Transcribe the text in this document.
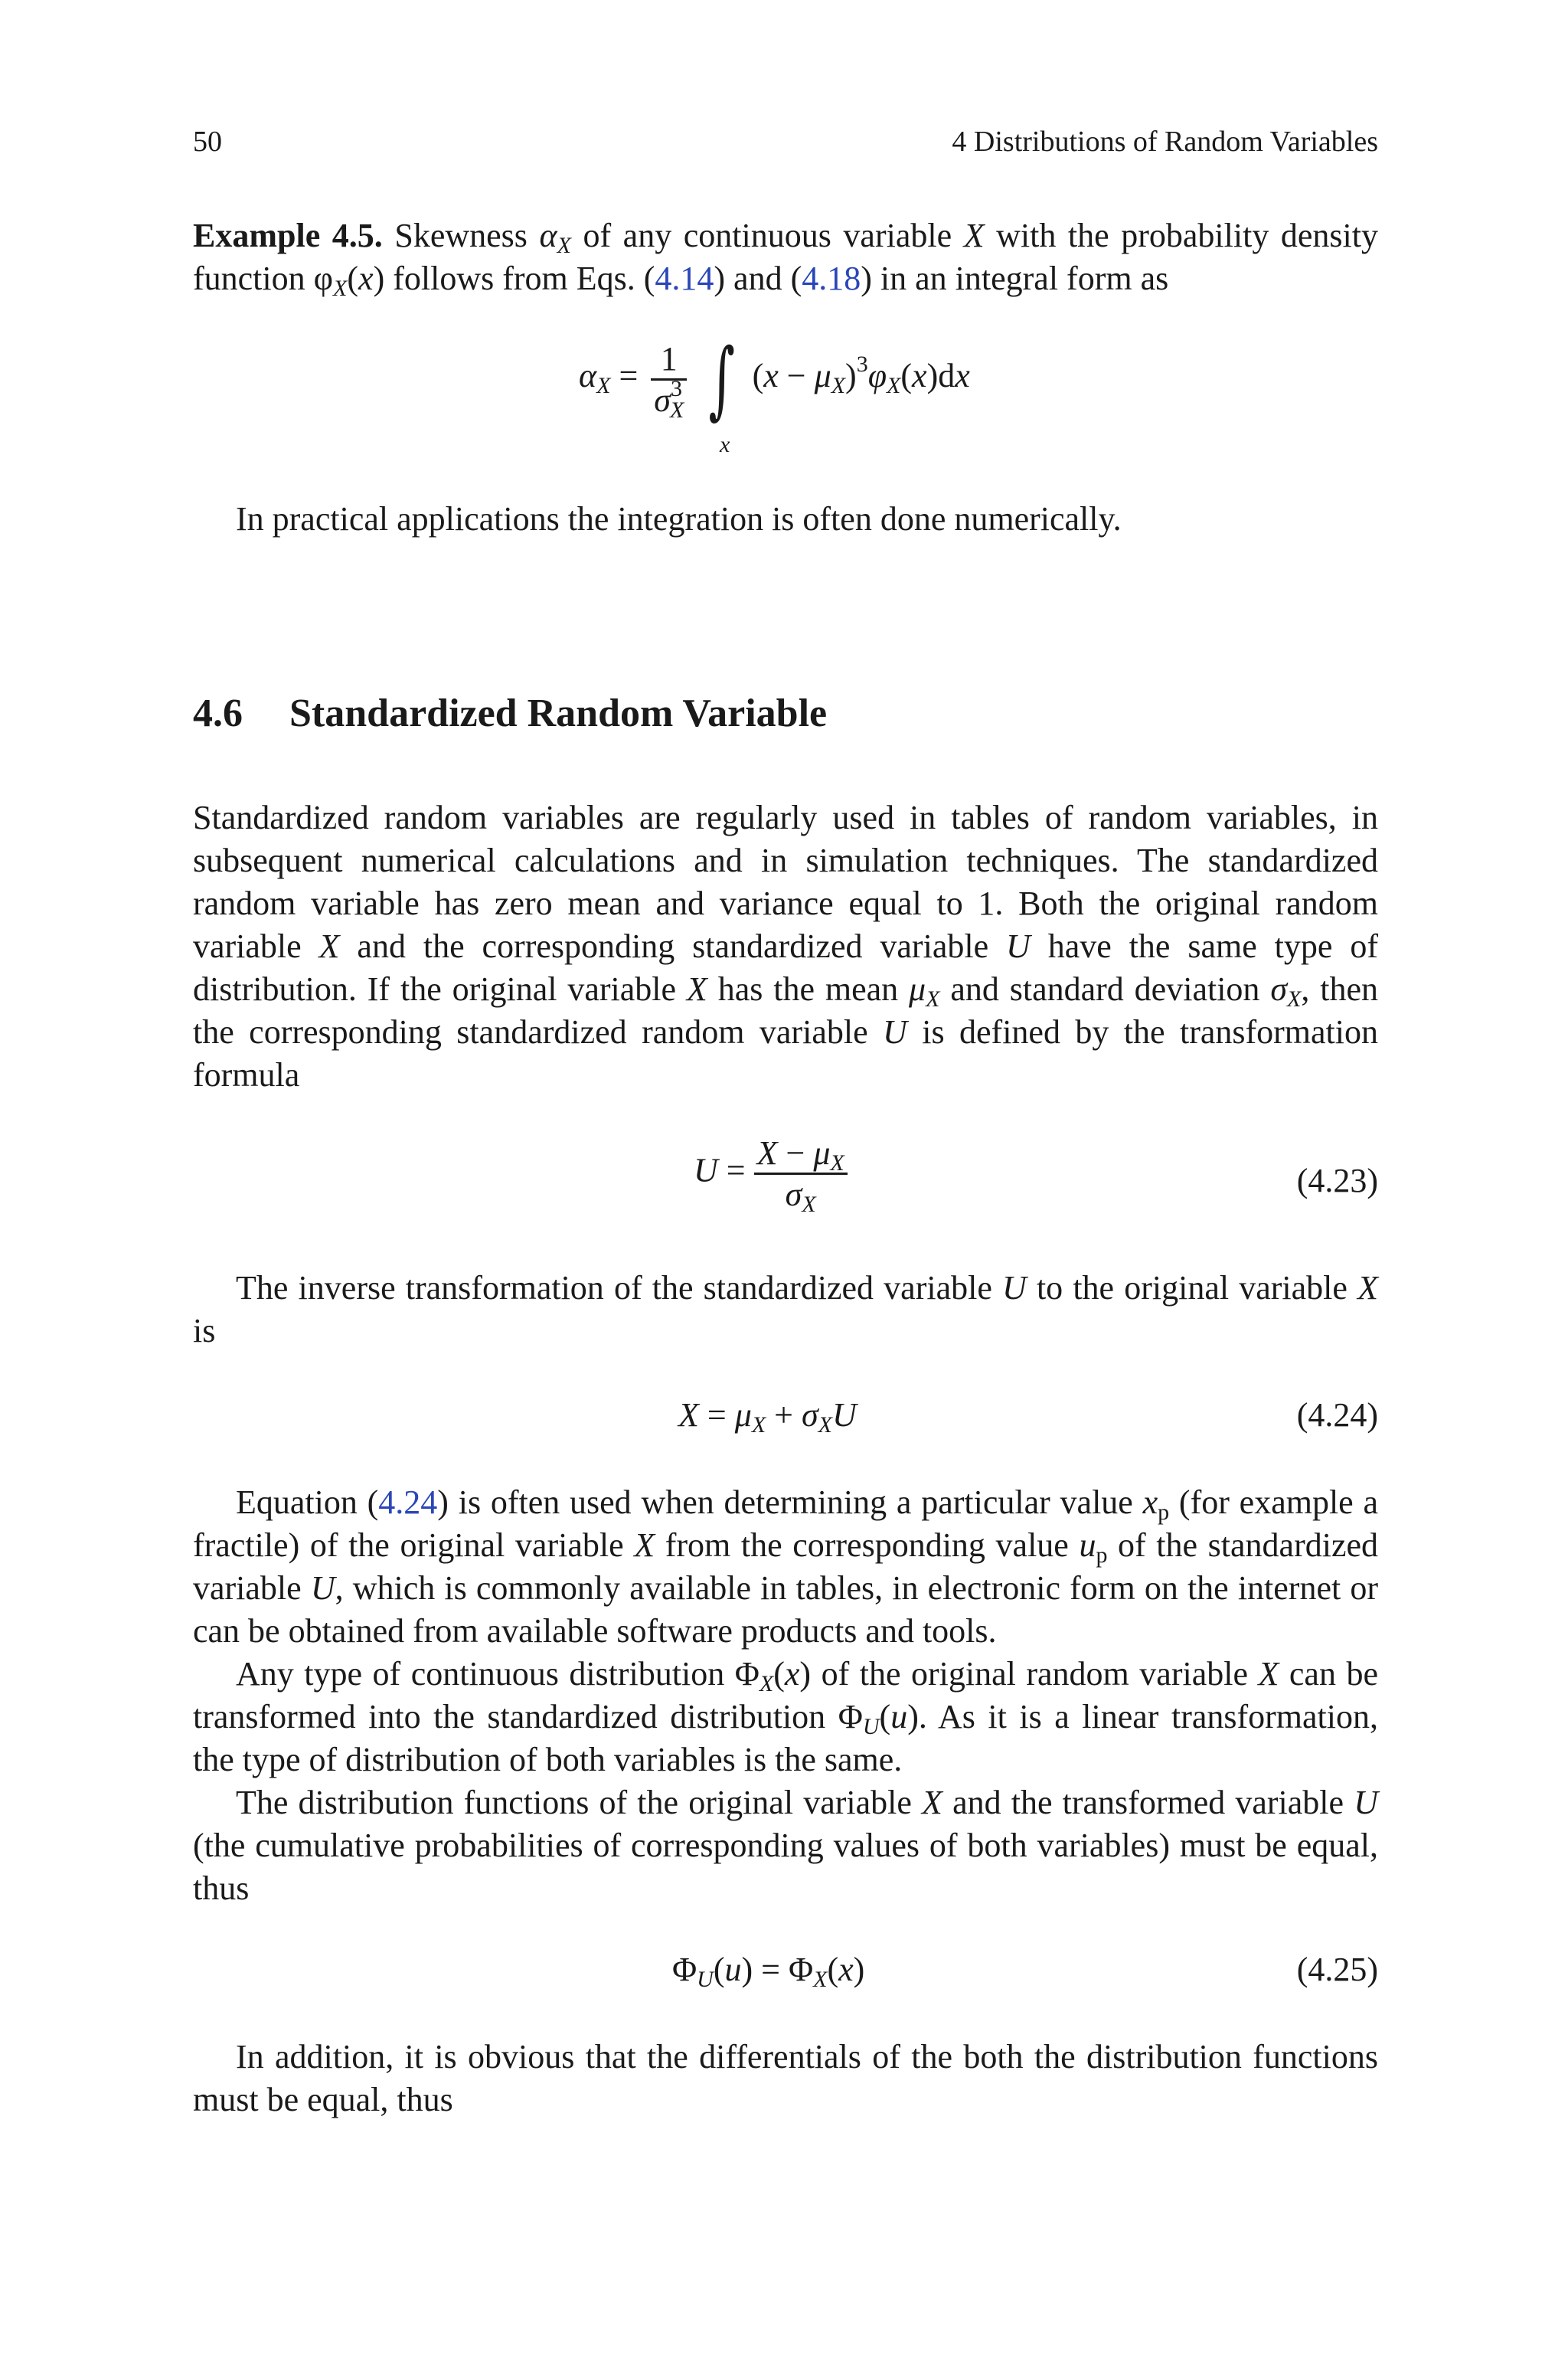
50	4 Distributions of Random Variables
Example 4.5. Skewness $\alpha_X$ of any continuous variable X with the probability density function $\varphi_X(x)$ follows from Eqs. (4.14) and (4.18) in an integral form as
$\alpha_X = \frac{1}{\sigma^3_X}$ ∫ $(x - \mu_X)^3\varphi_X(x)dx$
x
In practical applications the integration is often done numerically.
4.6 Standardized Random Variable
Standardized random variables are regularly used in tables of random variables, in subsequent numerical calculations and in simulation techniques. The standardized random variable has zero mean and variance equal to 1. Both the original random variable X and the corresponding standardized variable U have the same type of distribution. If the original variable X has the mean $\mu_X$ and standard deviation $\sigma_X$, then the corresponding standardized random variable U is defined by the transformation formula
$U = \frac{X - \mu_X}{\sigma_X}$	(4.23)
The inverse transformation of the standardized variable U to the original variable X is
$X = \mu_X + \sigma_XU$	(4.24)

Equation (4.24) is often used when determining a particular value $x_p$ (for example a fractile) of the original variable X from the corresponding value $u_p$ of the standardized variable U, which is commonly available in tables, in electronic form on the internet or can be obtained from available software products and tools.

Any type of continuous distribution $\Phi_X(x)$ of the original random variable X can be transformed into the standardized distribution $\Phi_U(u)$. As it is a linear transformation, the type of distribution of both variables is the same.

The distribution functions of the original variable X and the transformed variable U (the cumulative probabilities of corresponding values of both variables) must be equal, thus

$\Phi_U(u) = \Phi_X(x)$	(4.25)

In addition, it is obvious that the differentials of the both the distribution functions must be equal, thus
